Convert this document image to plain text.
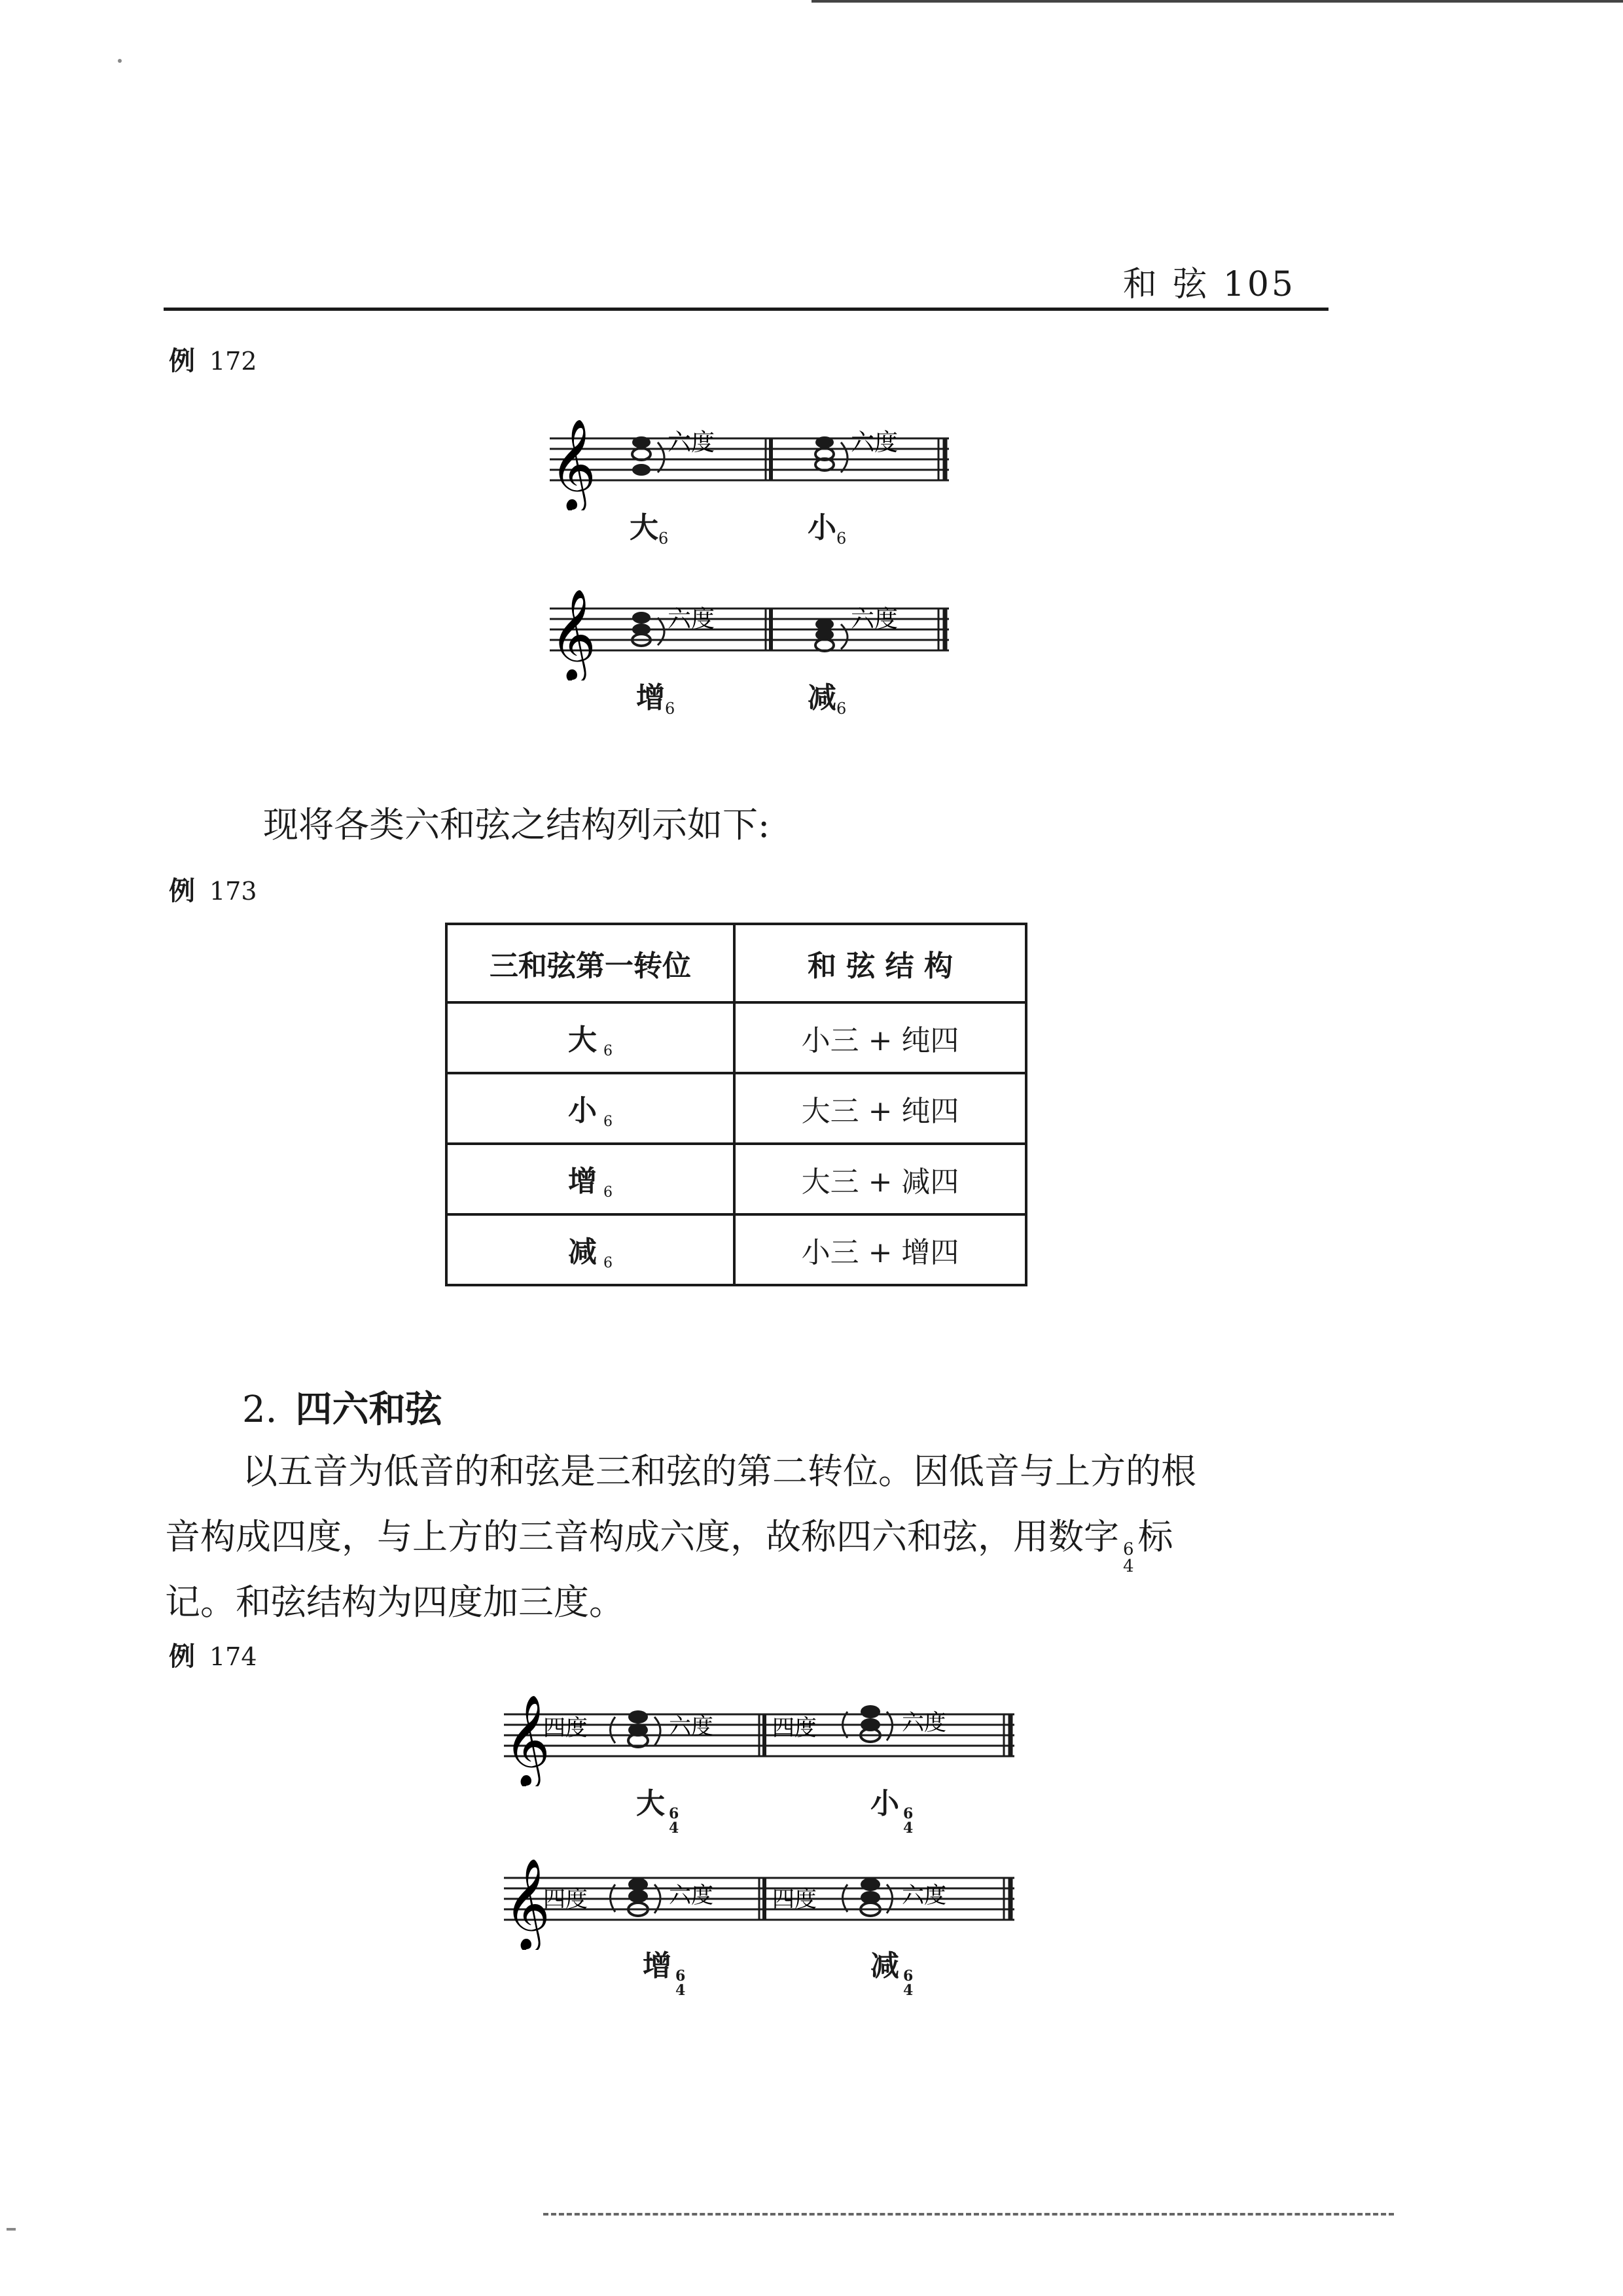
和 弦 105
例 172
𝄞	六度	六度
大$_6$	小$_6$
𝄞	六度	六度
增$_6$	减$_6$
现将各类六和弦之结构列示如下:
例 173
三和弦第一转位	和 弦 结 构
大 $_6$	小三 + 纯四
小 $_6$	大三 + 纯四
增 $_6$	大三 + 减四
减 $_6$	小三 + 增四
2. 四六和弦
以五音为低音的和弦是三和弦的第二转位。因低音与上方的根
音构成四度，与上方的三音构成六度，故称四六和弦，用数字 6
4
标
记。和弦结构为四度加三度。
例 174
𝄞
四度	四度
六度	六度
大 6
4
小 6
4
𝄞
四度	四度
六度	六度
增 6
4
减 6
4
